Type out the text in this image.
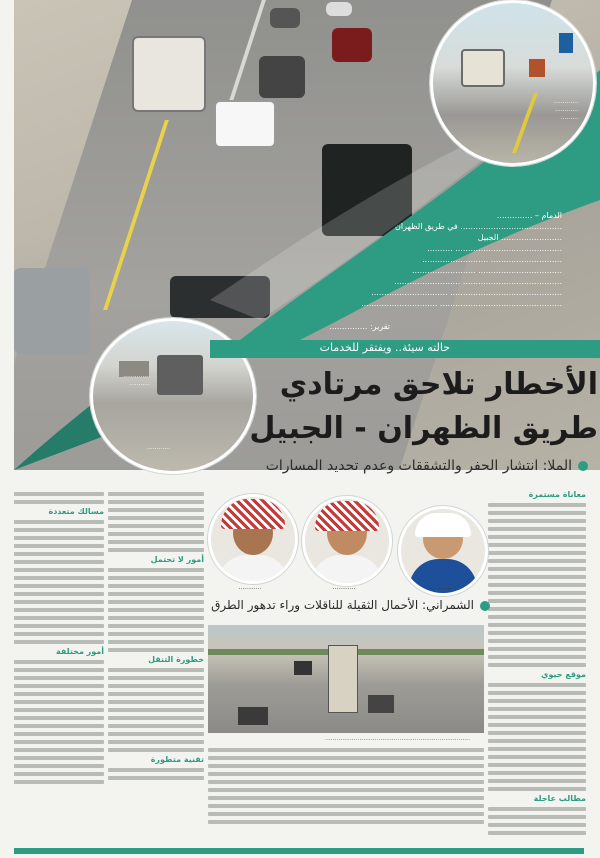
.............
............
.........

الدمام – ..............

........................................ في طريق الظهران

........................ الجبيل

.......................................... ..........

............................ ..........................

................................. .........................

....................................... ..........................

............................................ ..............................

................................................ ..............................

تقرير: ...............
..............
...........
............
حالته سيئة.. ويفتقر للخدمات
الأخطار تلاحق مرتادي
طريق الظهران - الجبيل
الملا: انتشار الحفر والتشققات وعدم تحديد المسارات
معاناة مستمرة
موقع حيوي
مطالب عاجلة
............
............
............
الشمراني: الأحمال الثقيلة للناقلات وراء تدهور الطرق
............................................................................
أمور لا تحتمل
خطورة التنقل
تقنية متطورة
مسالك متعددة
أمور مختلفة
